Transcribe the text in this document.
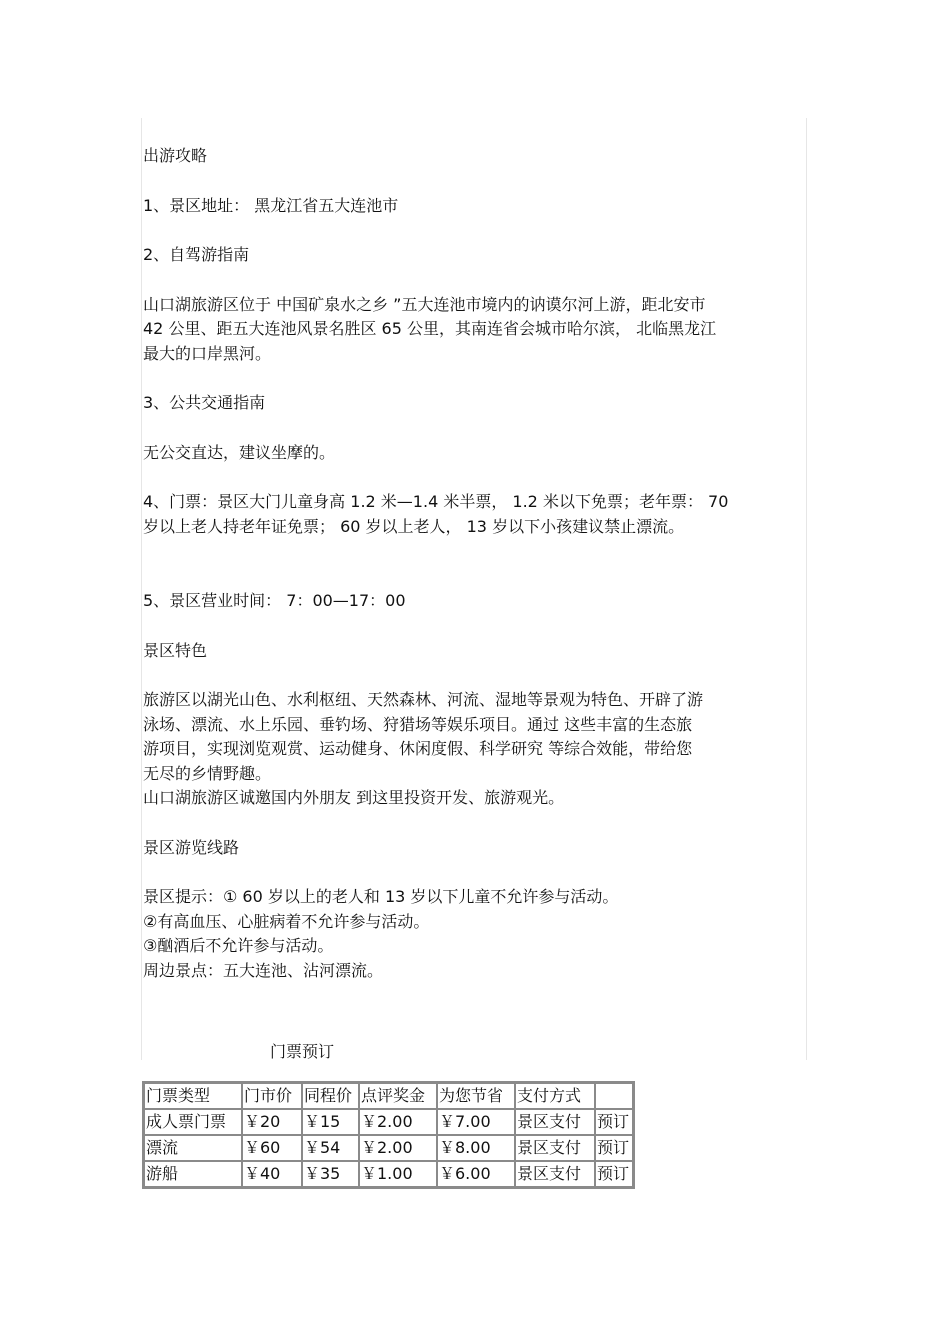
出游攻略
1、景区地址： 黑龙江省五大连池市
2、自驾游指南
山口湖旅游区位于 中国矿泉水之乡 ”五大连池市境内的讷谟尔河上游，距北安市
42 公里、距五大连池风景名胜区 65 公里，其南连省会城市哈尔滨， 北临黑龙江
最大的口岸黑河。
3、公共交通指南
无公交直达，建议坐摩的。
4、门票：景区大门儿童身高 1.2 米—1.4 米半票， 1.2 米以下免票；老年票： 70
岁以上老人持老年证免票； 60 岁以上老人， 13 岁以下小孩建议禁止漂流。
5、景区营业时间： 7：00—17：00
景区特色
旅游区以湖光山色、水利枢纽、天然森林、河流、湿地等景观为特色、开辟了游
泳场、漂流、水上乐园、垂钓场、狩猎场等娱乐项目。通过 这些丰富的生态旅
游项目，实现浏览观赏、运动健身、休闲度假、科学研究 等综合效能，带给您
无尽的乡情野趣。
山口湖旅游区诚邀国内外朋友 到这里投资开发、旅游观光。
景区游览线路
景区提示：① 60 岁以上的老人和 13 岁以下儿童不允许参与活动。
②有高血压、心脏病着不允许参与活动。
③酗酒后不允许参与活动。
周边景点：五大连池、沾河漂流。
门票预订
门票类型	门市价	同程价	点评奖金	为您节省	支付方式	
成人票门票	￥20	￥15	￥2.00	￥7.00	景区支付	预订
漂流	￥60	￥54	￥2.00	￥8.00	景区支付	预订
游船	￥40	￥35	￥1.00	￥6.00	景区支付	预订
